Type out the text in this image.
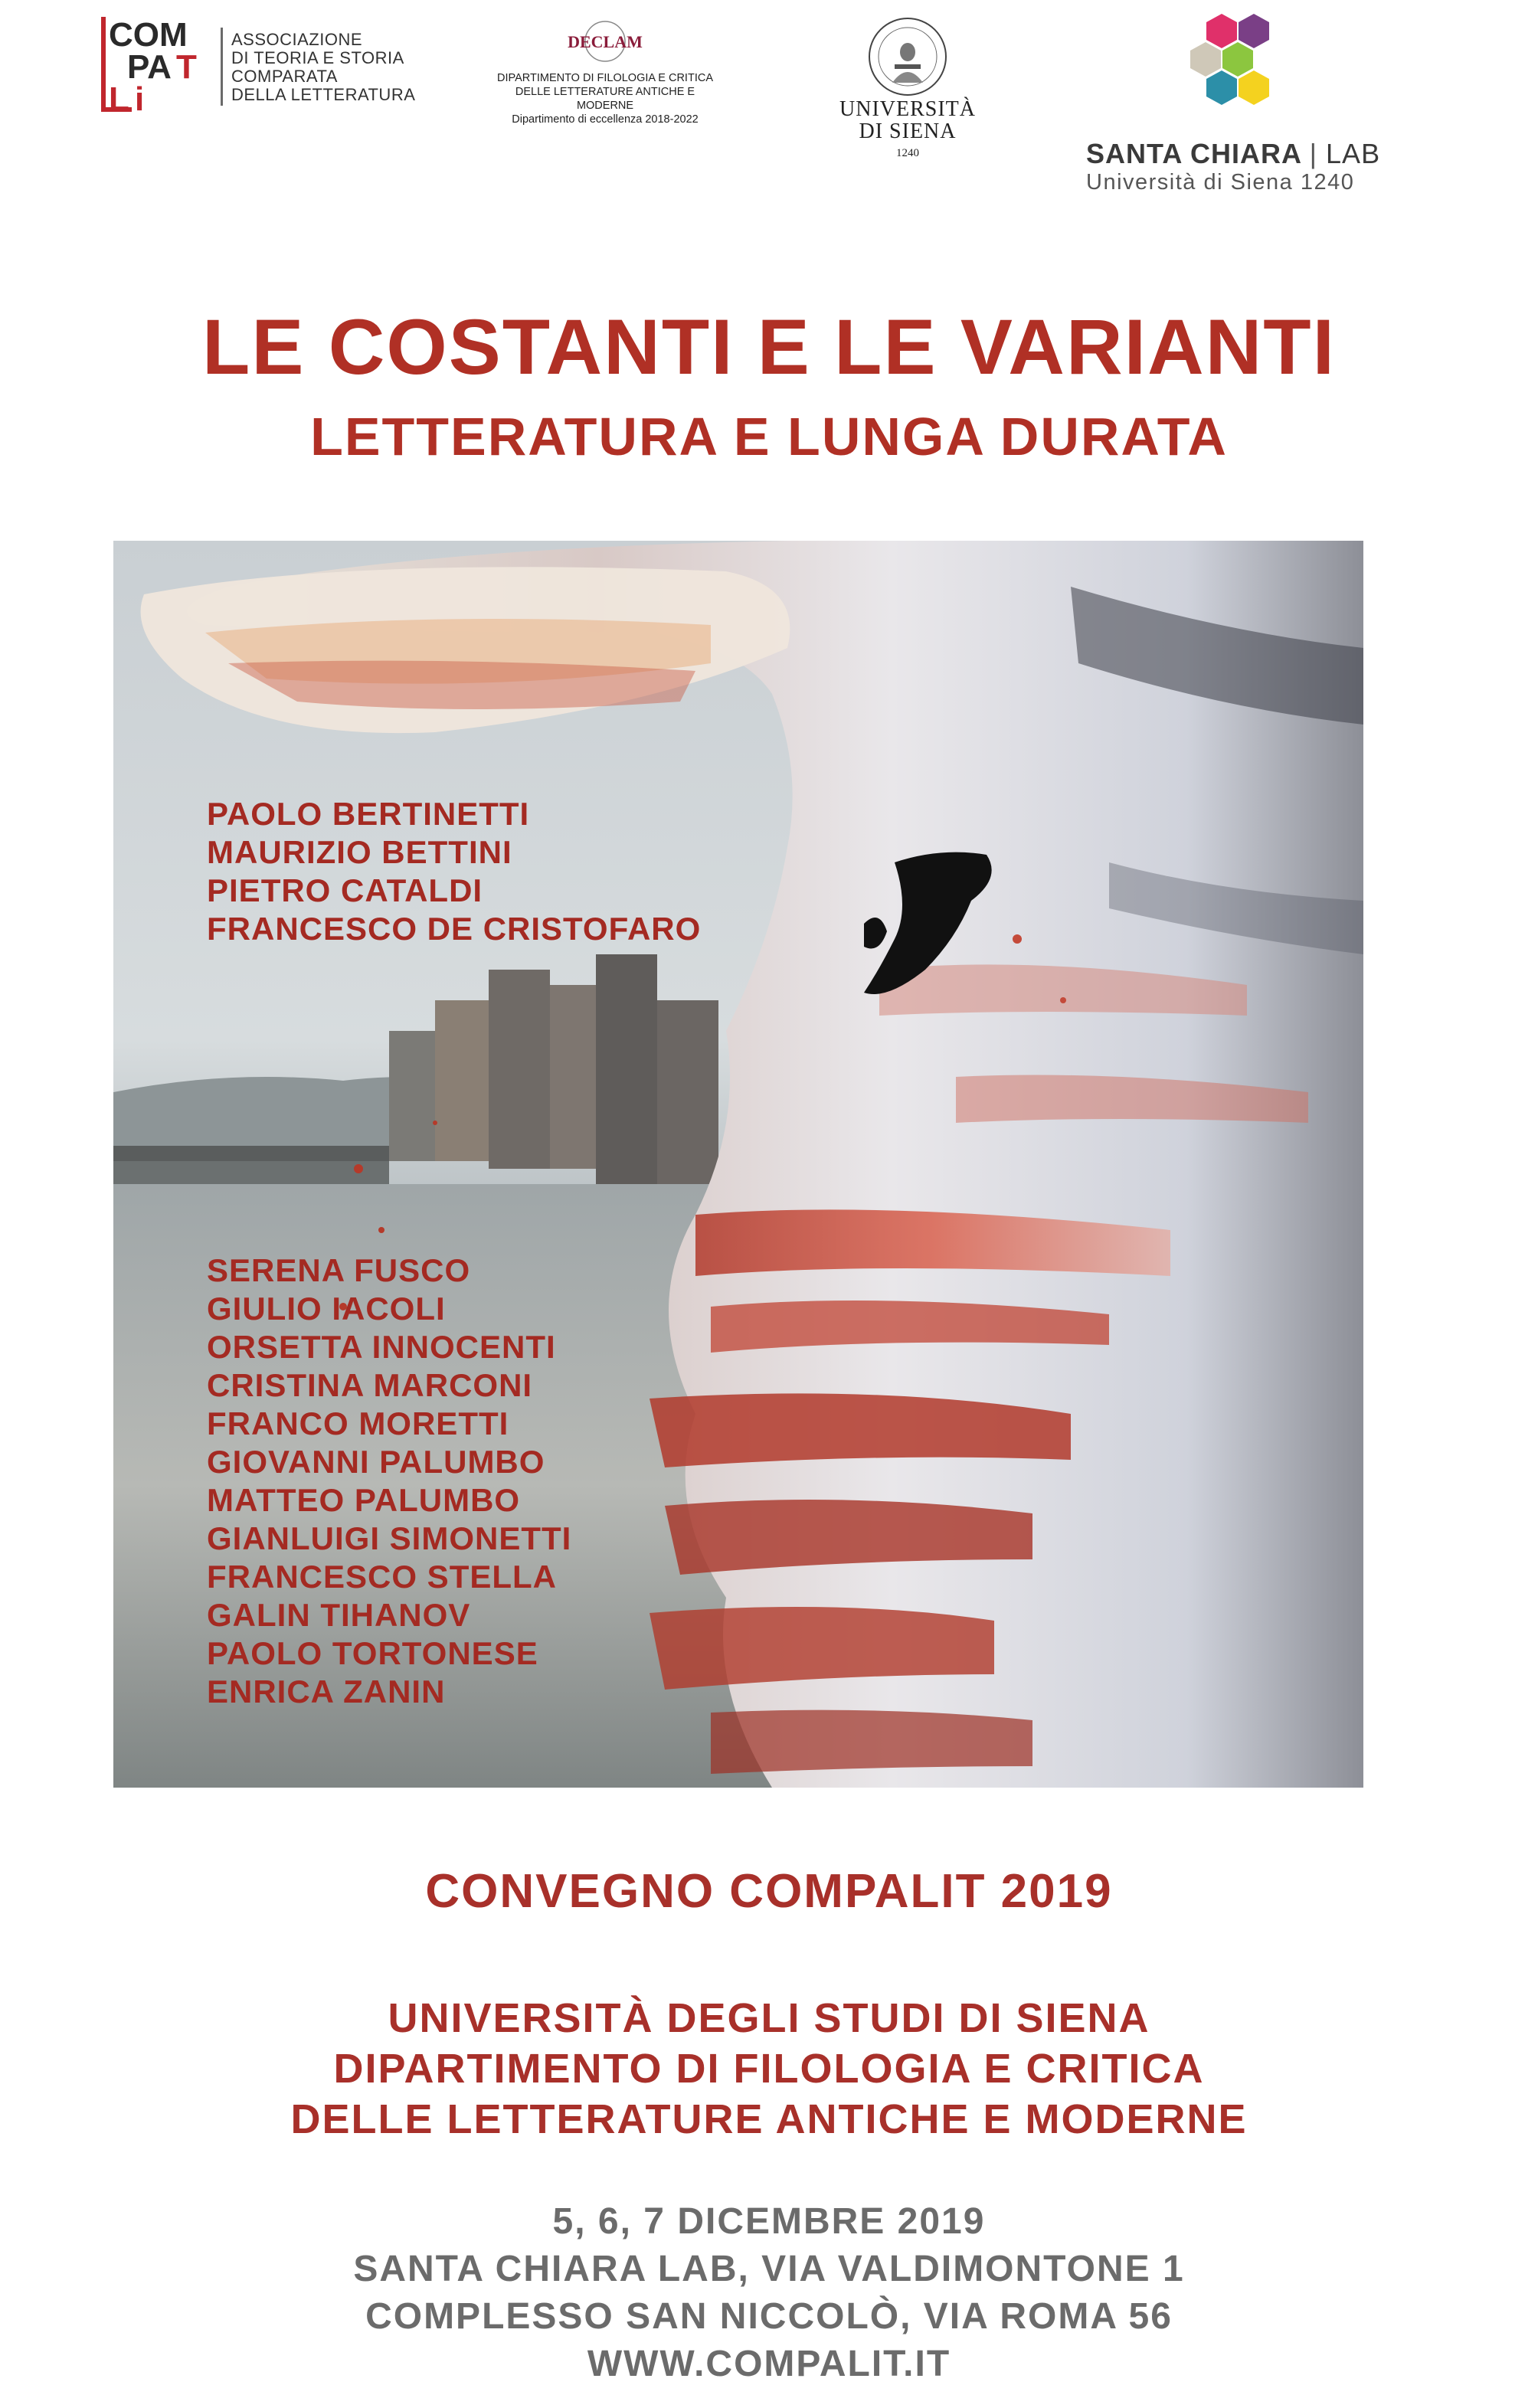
COM
PA
L i
T
ASSOCIAZIONE
DI TEORIA E STORIA
COMPARATA
DELLA LETTERATURA
DECLAM
DIPARTIMENTO DI FILOLOGIA E CRITICA
DELLE LETTERATURE ANTICHE E
MODERNE
Dipartimento di eccellenza 2018-2022	UNIVERSITÀ
DI SIENA
1240	SANTA CHIARA | LAB
Università di Siena 1240
LE COSTANTI E LE VARIANTI
LETTERATURA E LUNGA DURATA
PAOLO BERTINETTI
MAURIZIO BETTINI
PIETRO CATALDI
FRANCESCO DE CRISTOFARO
SERENA FUSCO
GIULIO IACOLI
ORSETTA INNOCENTI
CRISTINA MARCONI
FRANCO MORETTI
GIOVANNI PALUMBO
MATTEO PALUMBO
GIANLUIGI SIMONETTI
FRANCESCO STELLA
GALIN TIHANOV
PAOLO TORTONESE
ENRICA ZANIN
CONVEGNO COMPALIT 2019
UNIVERSITÀ DEGLI STUDI DI SIENA
DIPARTIMENTO DI FILOLOGIA E CRITICA
DELLE LETTERATURE ANTICHE E MODERNE
5, 6, 7 DICEMBRE 2019
SANTA CHIARA LAB, VIA VALDIMONTONE 1
COMPLESSO SAN NICCOLÒ, VIA ROMA 56
WWW.COMPALIT.IT
